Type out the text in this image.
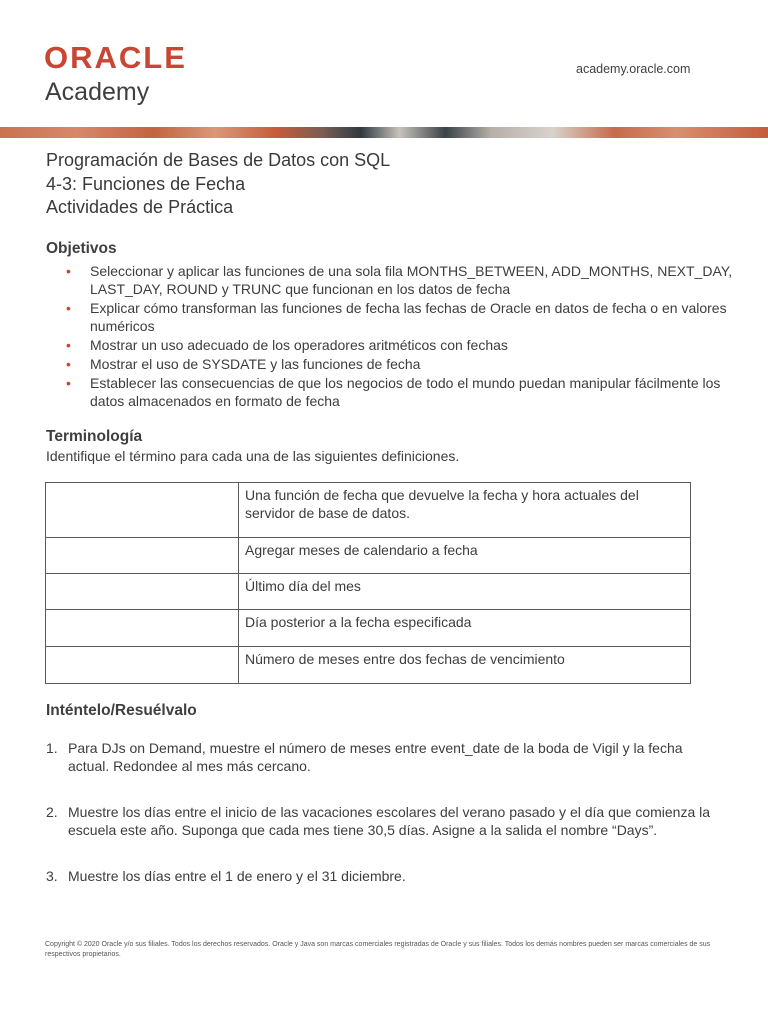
ORACLE
Academy
academy.oracle.com
Programación de Bases de Datos con SQL
4-3: Funciones de Fecha
Actividades de Práctica
Objetivos
• Seleccionar y aplicar las funciones de una sola fila MONTHS_BETWEEN, ADD_MONTHS, NEXT_DAY, LAST_DAY, ROUND y TRUNC que funcionan en los datos de fecha
• Explicar cómo transforman las funciones de fecha las fechas de Oracle en datos de fecha o en valores numéricos
• Mostrar un uso adecuado de los operadores aritméticos con fechas
• Mostrar el uso de SYSDATE y las funciones de fecha
• Establecer las consecuencias de que los negocios de todo el mundo puedan manipular fácilmente los datos almacenados en formato de fecha
Terminología
Identifique el término para cada una de las siguientes definiciones.
	Una función de fecha que devuelve la fecha y hora actuales del servidor de base de datos.
	Agregar meses de calendario a fecha
	Último día del mes
	Día posterior a la fecha especificada
	Número de meses entre dos fechas de vencimiento
Inténtelo/Resuélvalo
1. Para DJs on Demand, muestre el número de meses entre event_date de la boda de Vigil y la fecha actual. Redondee al mes más cercano.
2. Muestre los días entre el inicio de las vacaciones escolares del verano pasado y el día que comienza la escuela este año. Suponga que cada mes tiene 30,5 días. Asigne a la salida el nombre “Days”.
3. Muestre los días entre el 1 de enero y el 31 diciembre.
Copyright © 2020 Oracle y/o sus filiales. Todos los derechos reservados. Oracle y Java son marcas comerciales registradas de Oracle y sus filiales. Todos los demás nombres pueden ser marcas comerciales de sus respectivos propietarios.
